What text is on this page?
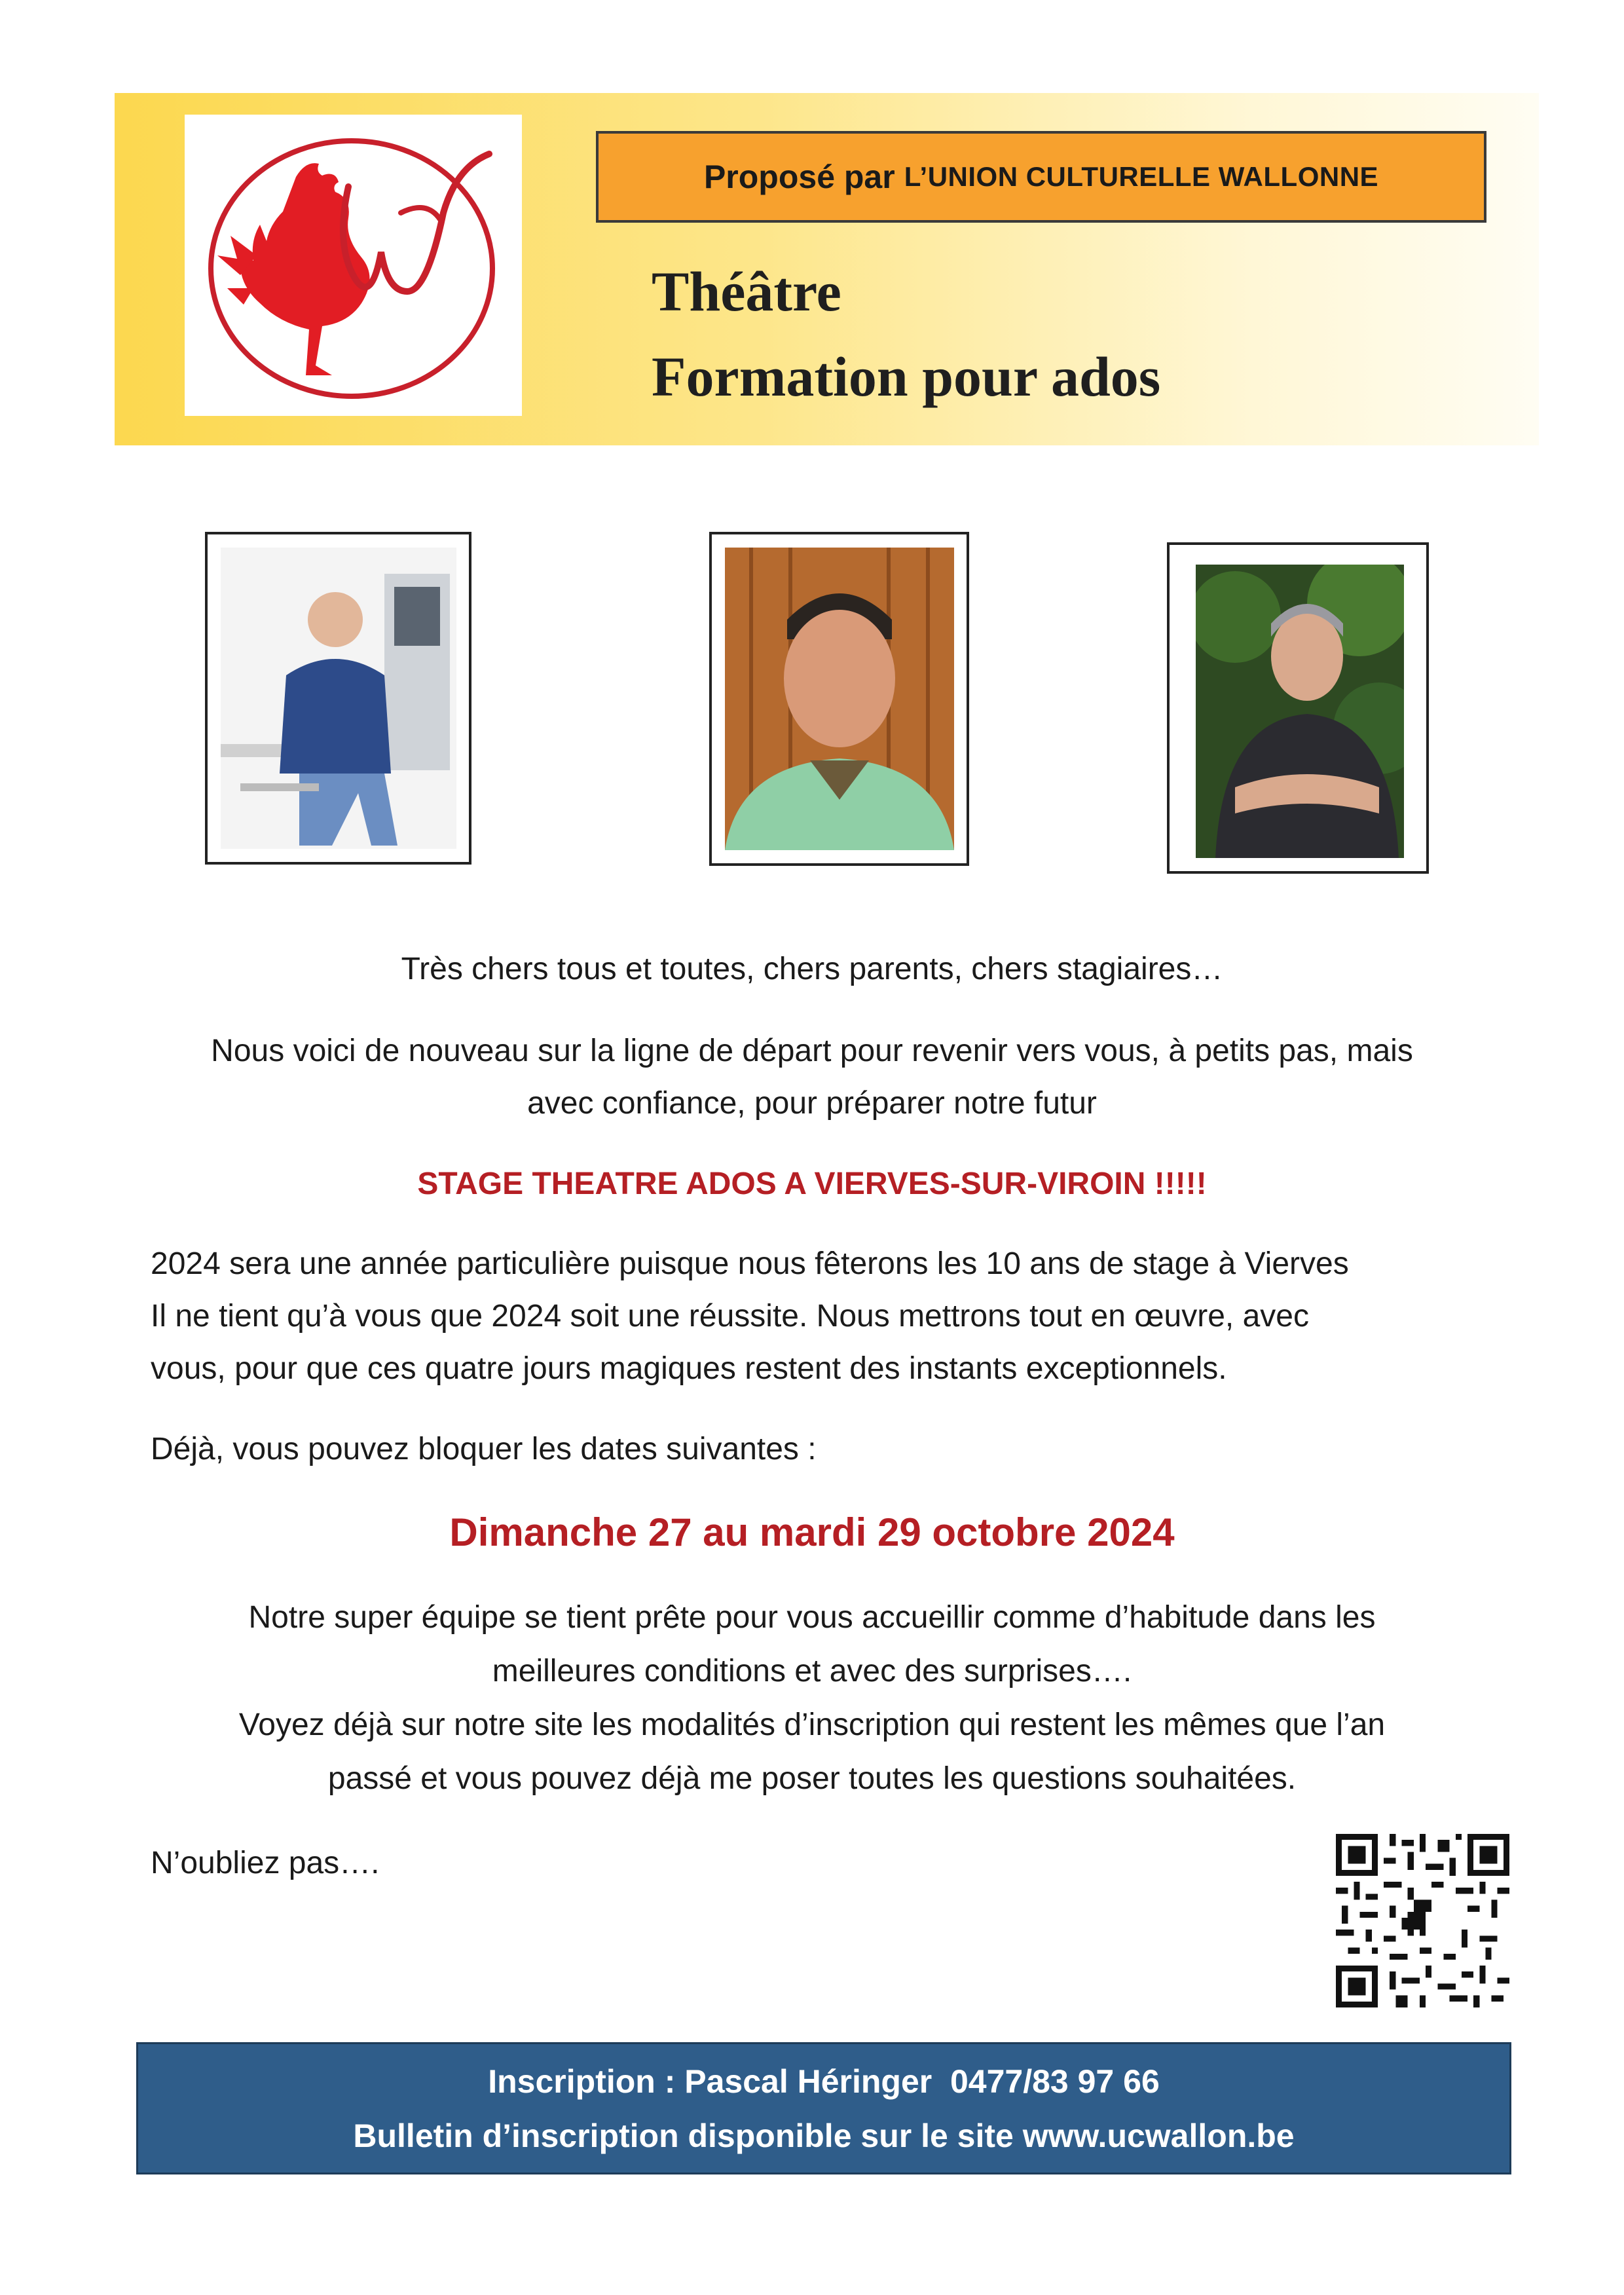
Proposé par L’UNION CULTURELLE WALLONNE
Théâtre
Formation pour ados
Très chers tous et toutes, chers parents, chers stagiaires…
Nous voici de nouveau sur la ligne de départ pour revenir vers vous, à petits pas, mais
avec confiance, pour préparer notre futur
STAGE THEATRE ADOS A VIERVES-SUR-VIROIN !!!!!
2024 sera une année particulière puisque nous fêterons les 10 ans de stage à Vierves
Il ne tient qu’à vous que 2024 soit une réussite. Nous mettrons tout en œuvre, avec
vous, pour que ces quatre jours magiques restent des instants exceptionnels.
Déjà, vous pouvez bloquer les dates suivantes :
Dimanche 27 au mardi 29 octobre 2024
Notre super équipe se tient prête pour vous accueillir comme d’habitude dans les
meilleures conditions et avec des surprises….
Voyez déjà sur notre site les modalités d’inscription qui restent les mêmes que l’an
passé et vous pouvez déjà me poser toutes les questions souhaitées.
N’oubliez pas….
Inscription : Pascal Héringer  0477/83 97 66
Bulletin d’inscription disponible sur le site www.ucwallon.be
